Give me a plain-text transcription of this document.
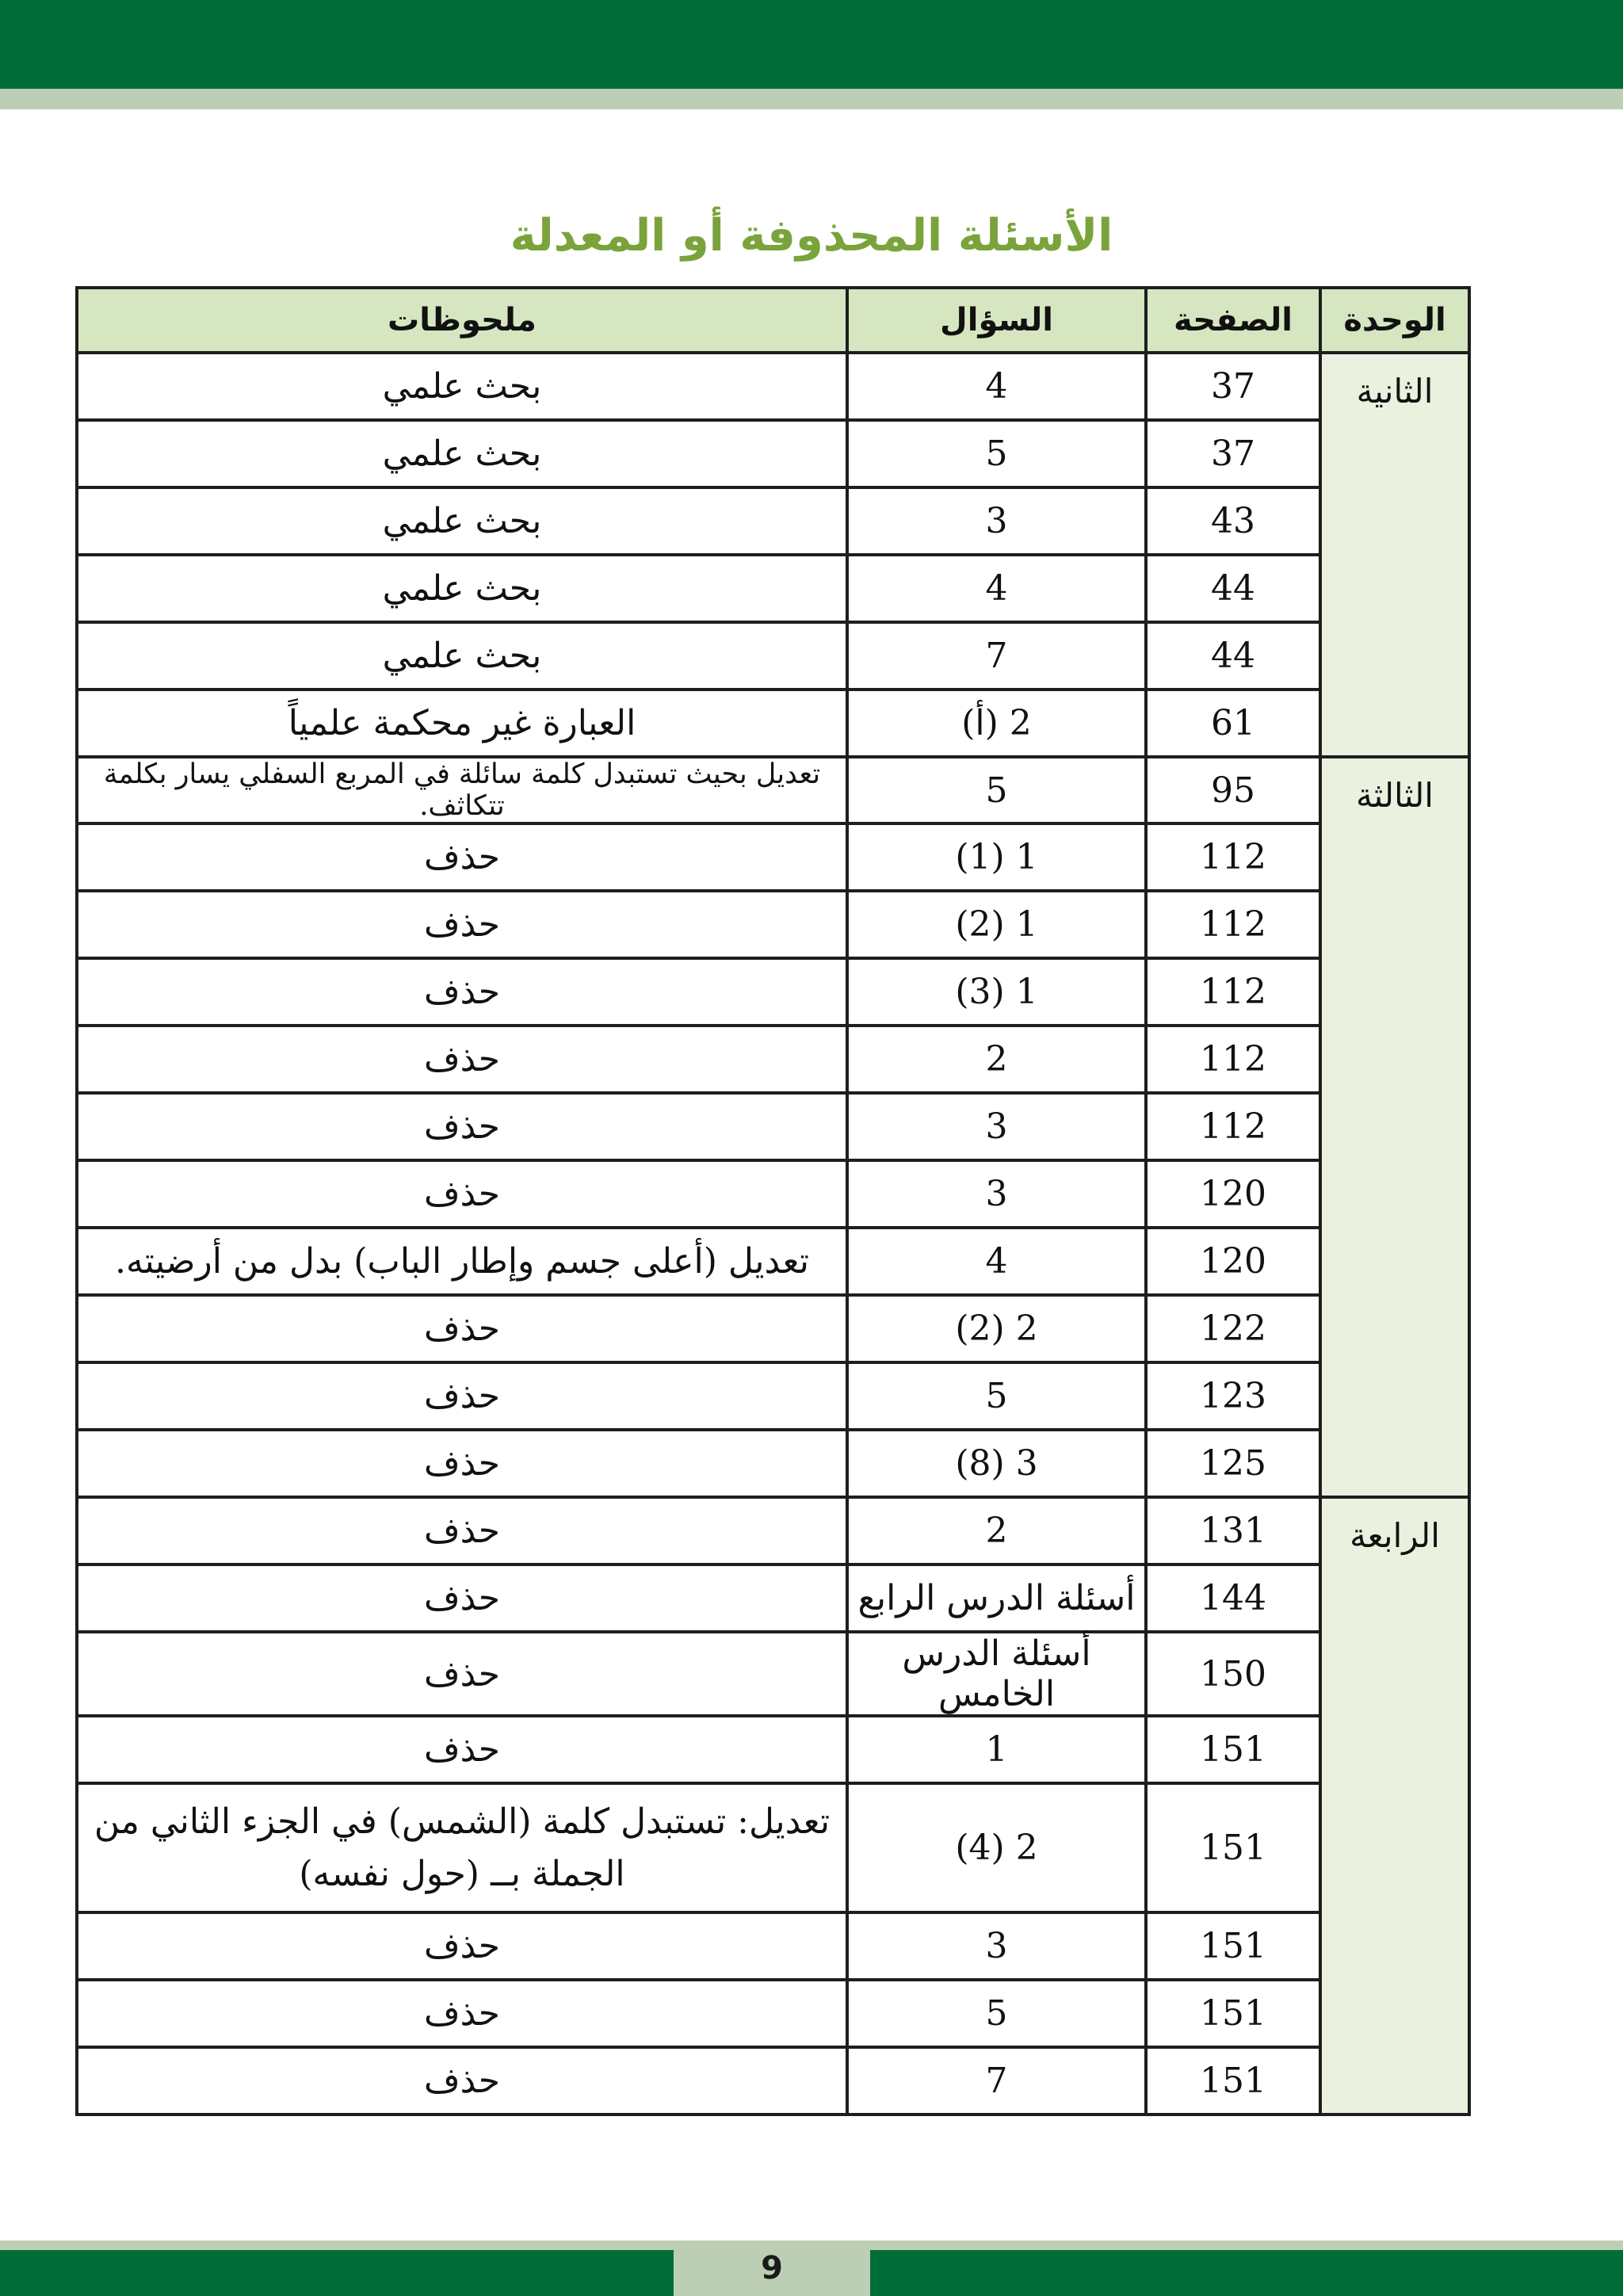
الأسئلة المحذوفة أو المعدلة
الوحدة	الصفحة	السؤال	ملحوظات
الثانية	37	4	بحث علمي
	37	5	بحث علمي
	43	3	بحث علمي
	44	4	بحث علمي
	44	7	بحث علمي
	61	2 (أ)	العبارة غير محكمة علمياً
الثالثة	95	5	تعديل بحيث تستبدل كلمة سائلة في المربع السفلي يسار بكلمة تتكاثف.
	112	1 (1)	حذف
	112	1 (2)	حذف
	112	1 (3)	حذف
	112	2	حذف
	112	3	حذف
	120	3	حذف
	120	4	تعديل (أعلى جسم وإطار الباب) بدل من أرضيته.
	122	2 (2)	حذف
	123	5	حذف
	125	3 (8)	حذف
الرابعة	131	2	حذف
	144	أسئلة الدرس الرابع	حذف
	150	أسئلة الدرس الخامس	حذف
	151	1	حذف
	151	2 (4)	تعديل: تستبدل كلمة (الشمس) في الجزء الثاني من الجملة بــ (حول نفسه)
	151	3	حذف
	151	5	حذف
	151	7	حذف
9
